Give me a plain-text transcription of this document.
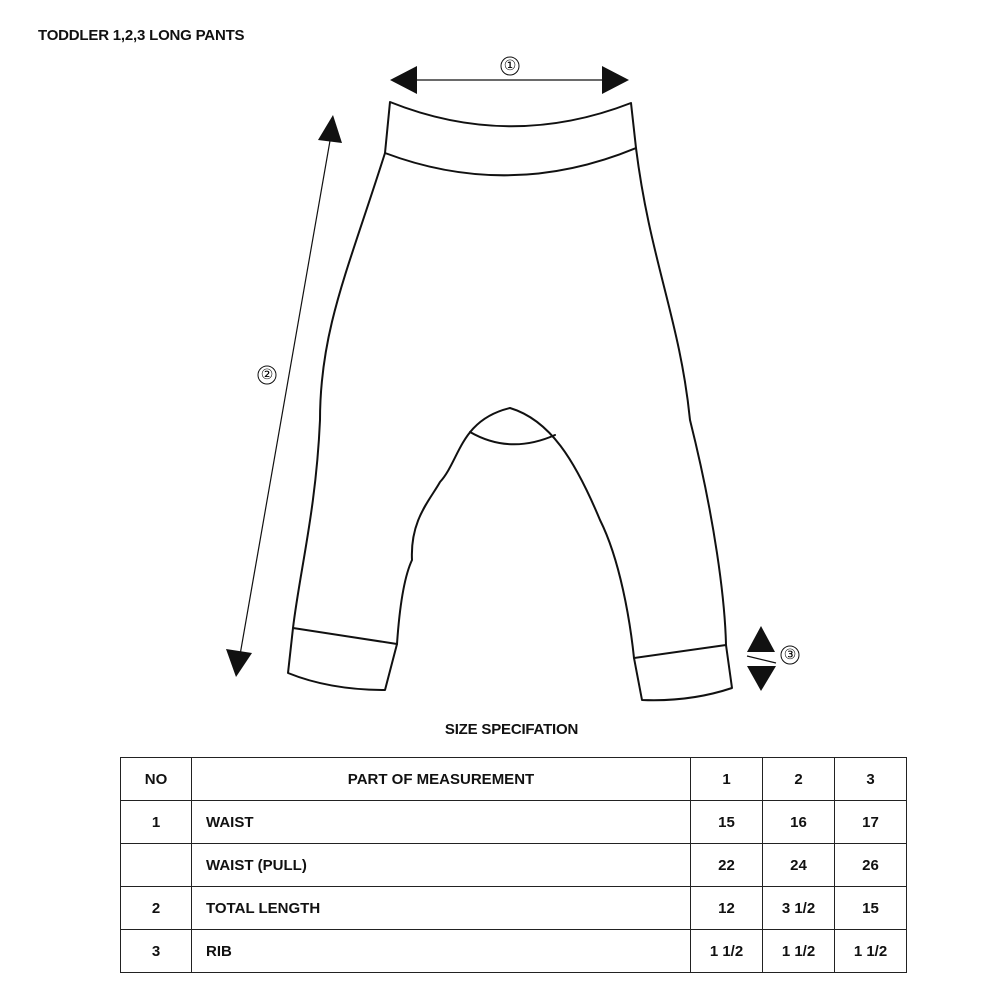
TODDLER 1,2,3 LONG PANTS
①
②
③
SIZE SPECIFATION
NO	PART OF MEASUREMENT	1	2	3
1	WAIST	15	16	17
	WAIST (PULL)	22	24	26
2	TOTAL LENGTH	12	3 1/2	15
3	RIB	1 1/2	1 1/2	1 1/2
